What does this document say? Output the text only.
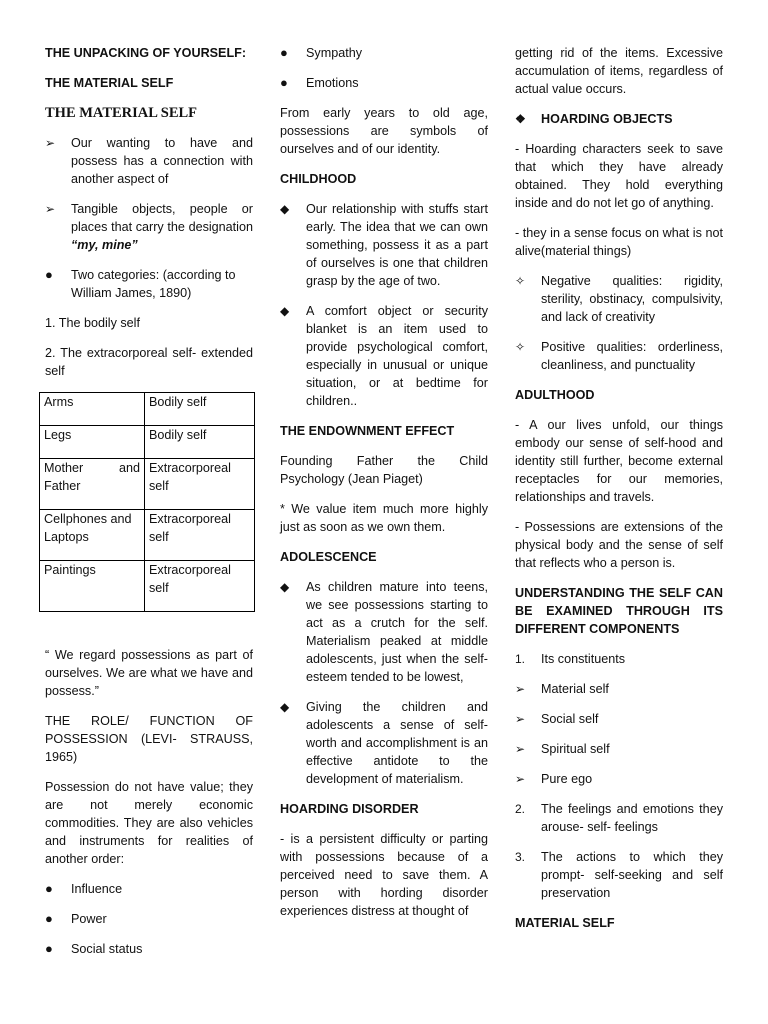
THE UNPACKING OF YOURSELF:
THE MATERIAL SELF
THE MATERIAL SELF
➢	Our wanting to have and possess has a connection with another aspect of
➢	Tangible objects, people or places that carry the designation “my, mine”
●	Two categories: (according to William James, 1890)

1. The bodily self

2. The extracorporeal self- extended self

Arms	Bodily self
Legs	Bodily self
Mother and Father	Extracorporeal self
Cellphones and Laptops	Extracorporeal self
Paintings	Extracorporeal self

“ We regard possessions as part of ourselves. We are what we have and possess.”

THE ROLE/ FUNCTION OF POSSESSION (LEVI- STRAUSS, 1965)

Possession do not have value; they are not merely economic commodities. They are also vehicles and instruments for realities of another order:

●	Influence
●	Power
●	Social status
●	Sympathy
●	Emotions

From early years to old age, possessions are symbols of ourselves and of our identity.

CHILDHOOD
◆	Our relationship with stuffs start early. The idea that we can own something, possess it as a part of ourselves is one that children grasp by the age of two.
◆	A comfort object or security blanket is an item used to provide psychological comfort, especially in unusual or unique situation, or at bedtime for children..
THE ENDOWNMENT EFFECT

Founding Father the Child Psychology (Jean Piaget)

* We value item much more highly just as soon as we own them.

ADOLESCENCE
◆	As children mature into teens, we see possessions starting to act as a crutch for the self. Materialism peaked at middle adolescents, just when the self- esteem tended to be lowest,
◆	Giving the children and adolescents a sense of self-worth and accomplishment is an effective antidote to the development of materialism.
HOARDING DISORDER

- is a persistent difficulty or parting with possessions because of a perceived need to save them. A person with hording disorder experiences distress at thought of

getting rid of the items. Excessive accumulation of items, regardless of actual value occurs.

❖	HOARDING OBJECTS

- Hoarding characters seek to save that which they have already obtained. They hold everything inside and do not let go of anything.

- they in a sense focus on what is not alive(material things)

✧	Negative qualities: rigidity, sterility, obstinacy, compulsivity, and lack of creativity
✧	Positive qualities: orderliness, cleanliness, and punctuality
ADULTHOOD

- A our lives unfold, our things embody our sense of self-hood and identity still further, become external receptacles for our memories, relationships and travels.

- Possessions are extensions of the physical body and the sense of self that reflects who a person is.

UNDERSTANDING THE SELF CAN BE EXAMINED THROUGH ITS DIFFERENT COMPONENTS
1.	Its constituents
➢	Material self
➢	Social self
➢	Spiritual self
➢	Pure ego
2.	The feelings and emotions they arouse- self- feelings
3.	The actions to which they prompt- self-seeking and self preservation
MATERIAL SELF
